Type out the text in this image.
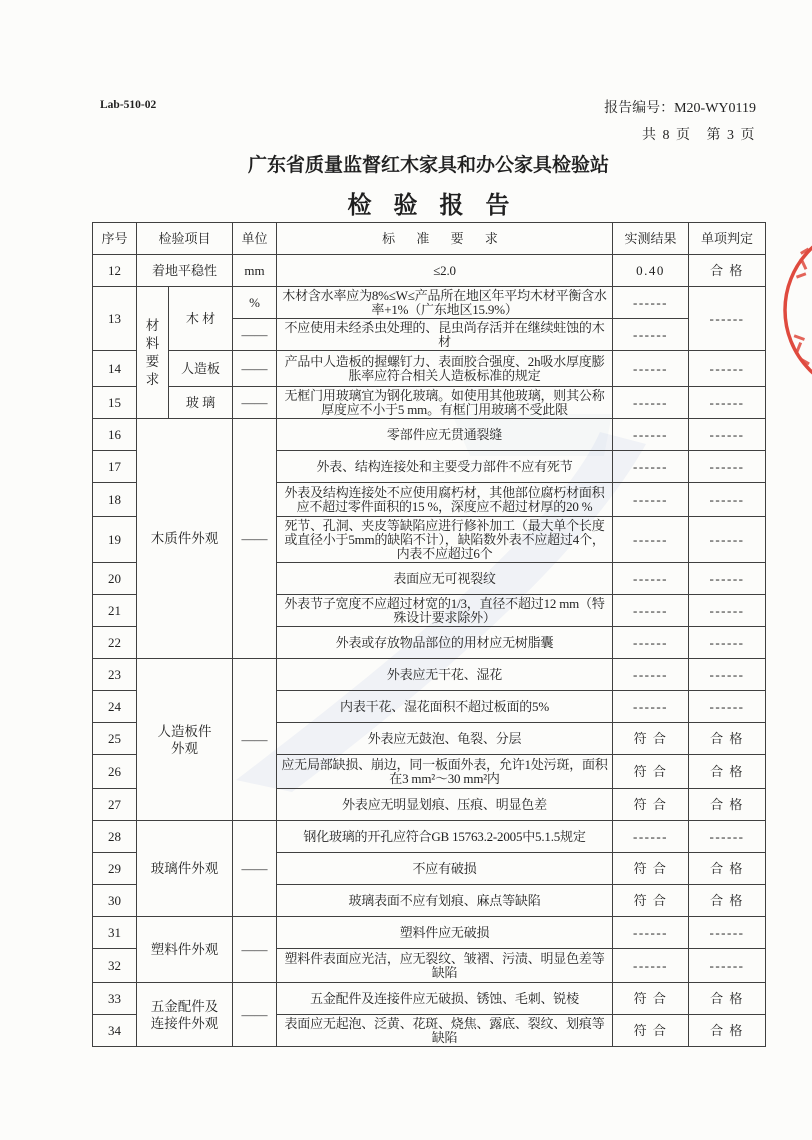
Lab-510-02	报告编号：M20-WY0119
共 8 页   第 3 页
广东省质量监督红木家具和办公家具检验站
检 验 报 告
序号	检验项目		单位	标 准 要 求	实测结果	单项判定
12	着地平稳性		mm	≤2.0	0.40	合 格
13	材料要求	木 材	%	木材含水率应为8%≤W≤产品所在地区年平均木材平衡含水率+1%（广东地区15.9%）	------	------
			——	不应使用未经杀虫处理的、昆虫尚存活并在继续蛀蚀的木材	------	
14		人造板	——	产品中人造板的握螺钉力、表面胶合强度、2h吸水厚度膨胀率应符合相关人造板标准的规定	------	------
15		玻 璃	——	无框门用玻璃宜为钢化玻璃。如使用其他玻璃，则其公称厚度应不小于5 mm。有框门用玻璃不受此限	------	------
16	木质件外观		——	零部件应无贯通裂缝	------	------
17				外表、结构连接处和主要受力部件不应有死节	------	------
18				外表及结构连接处不应使用腐朽材，其他部位腐朽材面积应不超过零件面积的15 %，深度应不超过材厚的20 %	------	------
19				死节、孔洞、夹皮等缺陷应进行修补加工（最大单个长度或直径小于5mm的缺陷不计），缺陷数外表不应超过4个，内表不应超过6个	------	------
20				表面应无可视裂纹	------	------
21				外表节子宽度不应超过材宽的1/3，直径不超过12 mm（特殊设计要求除外）	------	------
22				外表或存放物品部位的用材应无树脂囊	------	------
23	人造板件外观		——	外表应无干花、湿花	------	------
24				内表干花、湿花面积不超过板面的5%	------	------
25				外表应无鼓泡、龟裂、分层	符 合	合 格
26				应无局部缺损、崩边，同一板面外表，允许1处污斑，面积在3 mm²～30 mm²内	符 合	合 格
27				外表应无明显划痕、压痕、明显色差	符 合	合 格
28	玻璃件外观		——	钢化玻璃的开孔应符合GB 15763.2-2005中5.1.5规定	------	------
29				不应有破损	符 合	合 格
30				玻璃表面不应有划痕、麻点等缺陷	符 合	合 格
31	塑料件外观		——	塑料件应无破损	------	------
32				塑料件表面应光洁，应无裂纹、皱褶、污渍、明显色差等缺陷	------	------
33	五金配件及连接件外观		——	五金配件及连接件应无破损、锈蚀、毛刺、锐棱	符 合	合 格
34				表面应无起泡、泛黄、花斑、烧焦、露底、裂纹、划痕等缺陷	符 合	合 格
